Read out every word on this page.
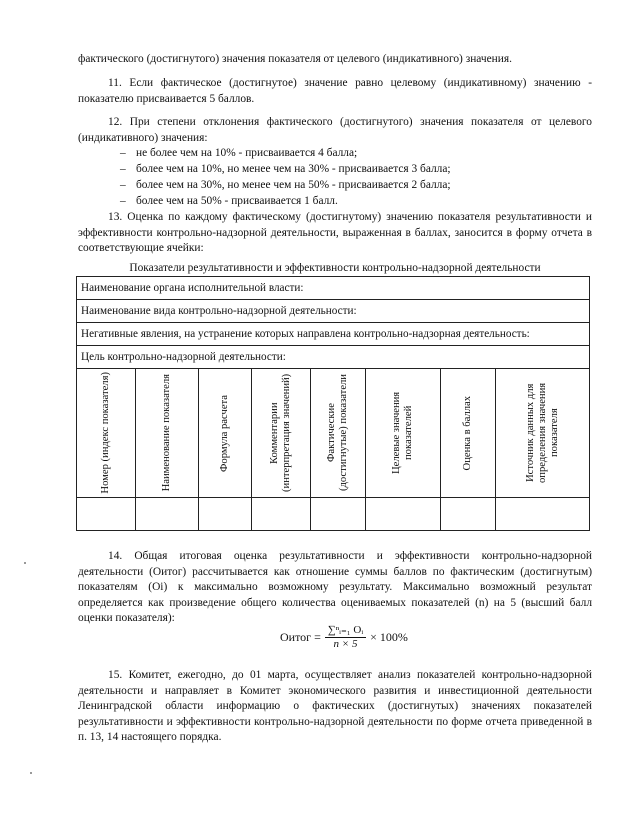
фактического (достигнутого) значения показателя от целевого (индикативного) значения.
11. Если фактическое (достигнутое) значение равно целевому (индикативному) значению - показателю присваивается 5 баллов.
12. При степени отклонения фактического (достигнутого) значения показателя от целевого (индикативного) значения:
– не более чем на 10% - присваивается 4 балла;
– более чем на 10%, но менее чем на 30% - присваивается 3 балла;
– более чем на 30%, но менее чем на 50% - присваивается 2 балла;
– более чем на 50% - присваивается 1 балл.
13. Оценка по каждому фактическому (достигнутому) значению показателя результативности и эффективности контрольно-надзорной деятельности, выраженная в баллах, заносится в форму отчета в соответствующие ячейки:
Показатели результативности и эффективности контрольно-надзорной деятельности
Наименование органа исполнительной власти:							
Наименование вида контрольно-надзорной деятельности:							
Негативные явления, на устранение которых направлена контрольно-надзорная деятельность:							
Цель контрольно-надзорной деятельности:							

Номер (индекс показателя)	Наименование показателя	Формула расчета	Комментарии (интерпретация значений)	Фактические (достигнутые) показатели	Целевые значения показателей	Оценка в баллах	Источник данных для определения значения показателя

14. Общая итоговая оценка результативности и эффективности контрольно-надзорной деятельности (Оитог) рассчитывается как отношение суммы баллов по фактическим (достигнутым) показателям (Оi) к максимально возможному результату. Максимально возможный результат определяется как произведение общего количества оцениваемых показателей (n) на 5 (высший балл оценки показателя):
Оитог = $\frac{\text{∑ⁿᵢ₌₁ Oᵢ}}{n \times 5} \times 100\%$
15. Комитет, ежегодно, до 01 марта, осуществляет анализ показателей контрольно-надзорной деятельности и направляет в Комитет экономического развития и инвестиционной деятельности Ленинградской области информацию о фактических (достигнутых) значениях показателей результативности и эффективности контрольно-надзорной деятельности по форме отчета приведенной в п. 13, 14 настоящего порядка.
